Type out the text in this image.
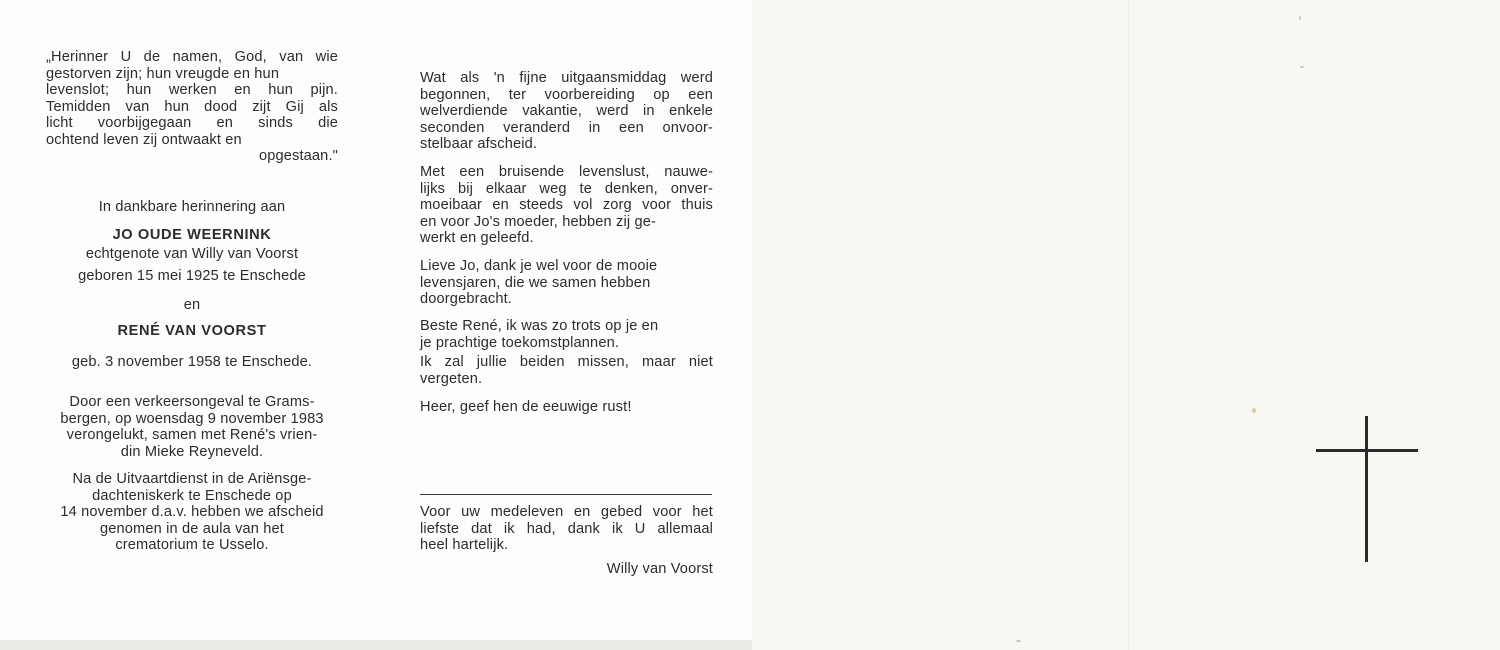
„Herinner U de namen, God, van wie
gestorven zijn; hun vreugde en hun
levenslot; hun werken en hun pijn.
Temidden van hun dood zijt Gij als
licht voorbijgegaan en sinds die
ochtend leven zij ontwaakt en
opgestaan."
In dankbare herinnering aan
JO OUDE WEERNINK
echtgenote van Willy van Voorst
geboren 15 mei 1925 te Enschede
en
RENÉ VAN VOORST
geb. 3 november 1958 te Enschede.
Door een verkeersongeval te Grams-
bergen, op woensdag 9 november 1983
verongelukt, samen met René's vrien-
din Mieke Reyneveld.
Na de Uitvaartdienst in de Ariënsge-
dachteniskerk te Enschede op
14 november d.a.v. hebben we afscheid
genomen in de aula van het
crematorium te Usselo.
Wat als 'n fijne uitgaansmiddag werd
begonnen, ter voorbereiding op een
welverdiende vakantie, werd in enkele
seconden veranderd in een onvoor-
stelbaar afscheid.
Met een bruisende levenslust, nauwe-
lijks bij elkaar weg te denken, onver-
moeibaar en steeds vol zorg voor thuis
en voor Jo's moeder, hebben zij ge-
werkt en geleefd.
Lieve Jo, dank je wel voor de mooie
levensjaren, die we samen hebben
doorgebracht.
Beste René, ik was zo trots op je en
je prachtige toekomstplannen.
Ik zal jullie beiden missen, maar niet
vergeten.
Heer, geef hen de eeuwige rust!
Voor uw medeleven en gebed voor het
liefste dat ik had, dank ik U allemaal
heel hartelijk.
Willy van Voorst
